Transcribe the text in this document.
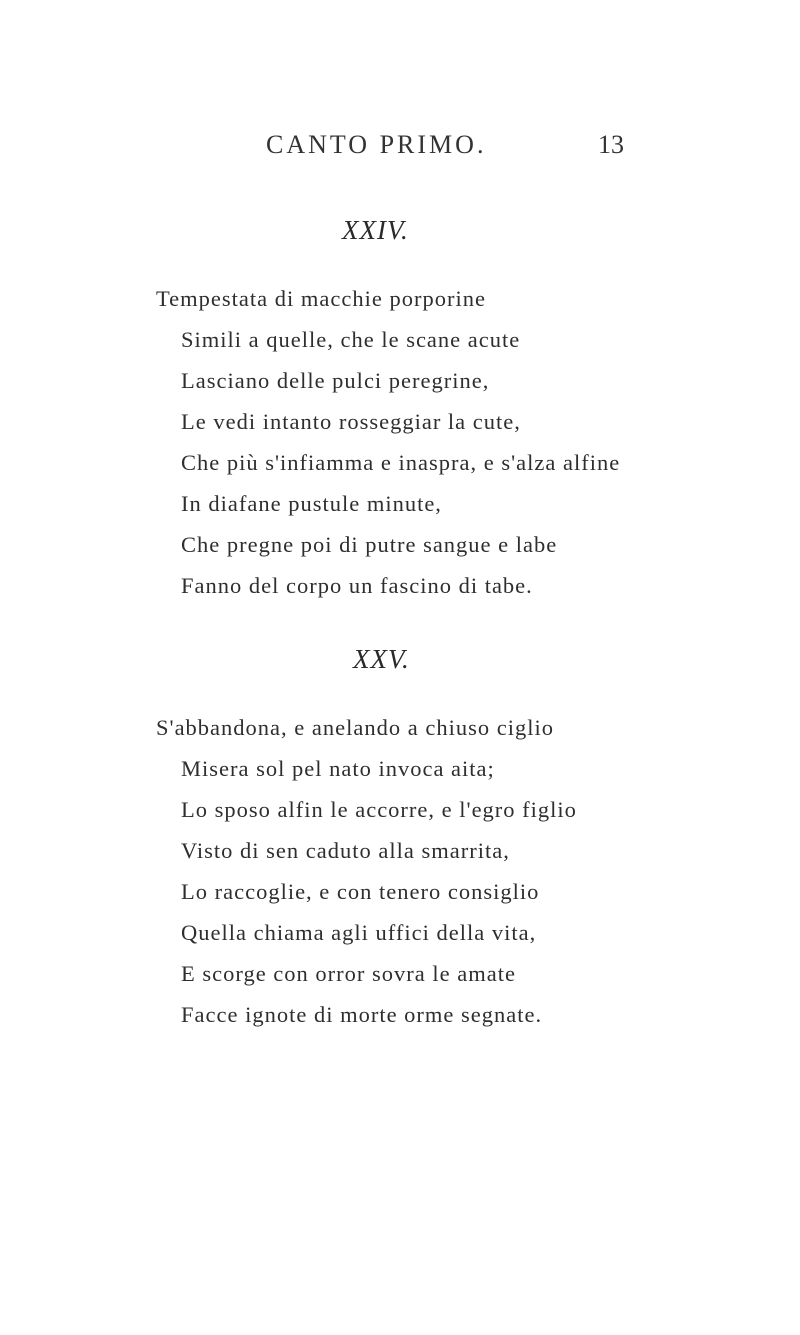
CANTO PRIMO.	13
XXIV.
Tempestata di macchie porporine
Simili a quelle, che le scane acute
Lasciano delle pulci peregrine,
Le vedi intanto rosseggiar la cute,
Che più s'infiamma e inaspra, e s'alza alfine
In diafane pustule minute,
Che pregne poi di putre sangue e labe
Fanno del corpo un fascino di tabe.
XXV.
S'abbandona, e anelando a chiuso ciglio
Misera sol pel nato invoca aita;
Lo sposo alfin le accorre, e l'egro figlio
Visto di sen caduto alla smarrita,
Lo raccoglie, e con tenero consiglio
Quella chiama agli uffici della vita,
E scorge con orror sovra le amate
Facce ignote di morte orme segnate.
